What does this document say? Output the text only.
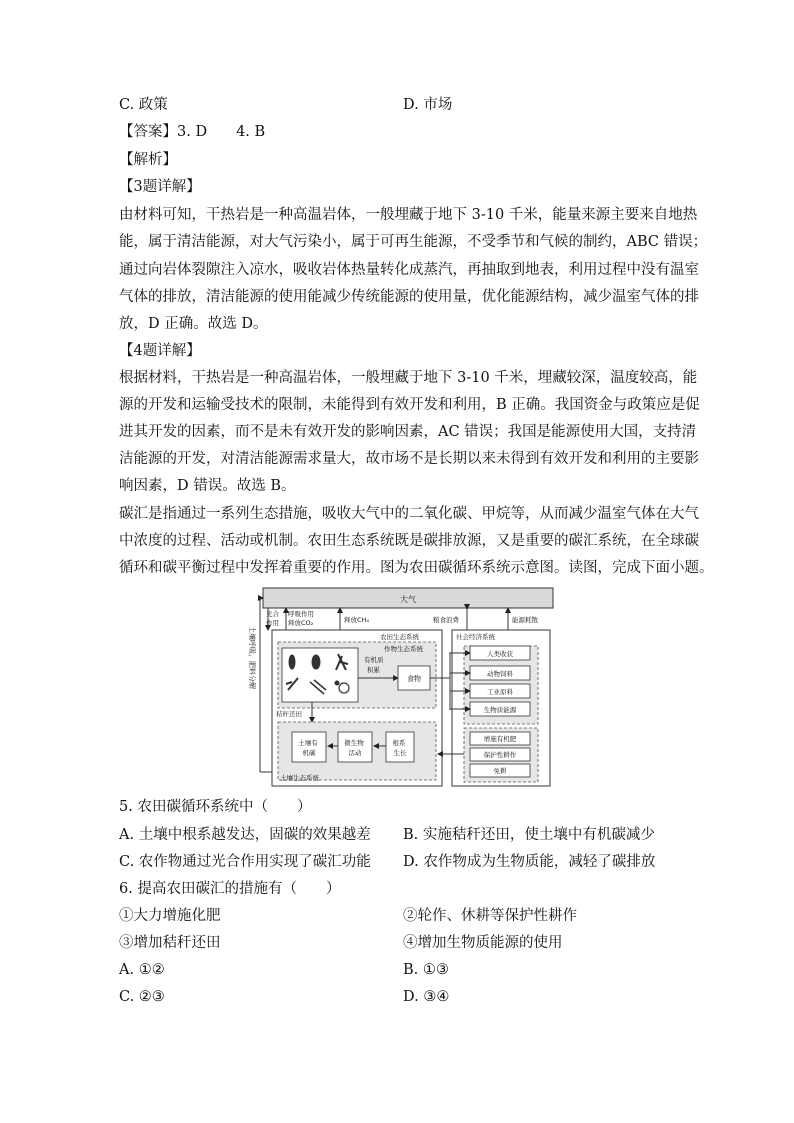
C. 政策	D. 市场
【答案】3. D　　4. B
【解析】
【3题详解】
由材料可知，干热岩是一种高温岩体，一般埋藏于地下 3-10 千米，能量来源主要来自地热
能，属于清洁能源，对大气污染小，属于可再生能源，不受季节和气候的制约，ABC 错误；
通过向岩体裂隙注入凉水，吸收岩体热量转化成蒸汽，再抽取到地表，利用过程中没有温室
气体的排放，清洁能源的使用能减少传统能源的使用量，优化能源结构，减少温室气体的排
放，D 正确。故选 D。
【4题详解】
根据材料，干热岩是一种高温岩体，一般埋藏于地下 3-10 千米，埋藏较深，温度较高，能
源的开发和运输受技术的限制，未能得到有效开发和利用，B 正确。我国资金与政策应是促
进其开发的因素，而不是未有效开发的影响因素，AC 错误；我国是能源使用大国，支持清
洁能源的开发，对清洁能源需求量大，故市场不是长期以来未得到有效开发和利用的主要影
响因素，D 错误。故选 B。
碳汇是指通过一系列生态措施，吸收大气中的二氧化碳、甲烷等，从而减少温室气体在大气
中浓度的过程、活动或机制。农田生态系统既是碳排放源，又是重要的碳汇系统，在全球碳
循环和碳平衡过程中发挥着重要的作用。图为农田碳循环系统示意图。读图，完成下面小题。
大气
土壤呼吸，肥料分解
光合 作用
呼吸作用 释放CO₂	释放CH₄
农田生态系统
作物生态系统
有机质 积累
食物
秸秆还田
土壤生态系统
土壤有 机碳
微生物 活动
根系 生长
社会经济系统
粮食浪费	能源耗散
人类收获
动物饲料
工业原料
生物质能源
增施有机肥
保护性耕作
免耕
5. 农田碳循环系统中（　　）
A. 土壤中根系越发达，固碳的效果越差 B. 实施秸秆还田，使土壤中有机碳减少
C. 农作物通过光合作用实现了碳汇功能 D. 农作物成为生物质能，减轻了碳排放
6. 提高农田碳汇的措施有（　　）
①大力增施化肥	②轮作、休耕等保护性耕作
③增加秸秆还田	④增加生物质能源的使用
A. ①②	B. ①③
C. ②③	D. ③④
